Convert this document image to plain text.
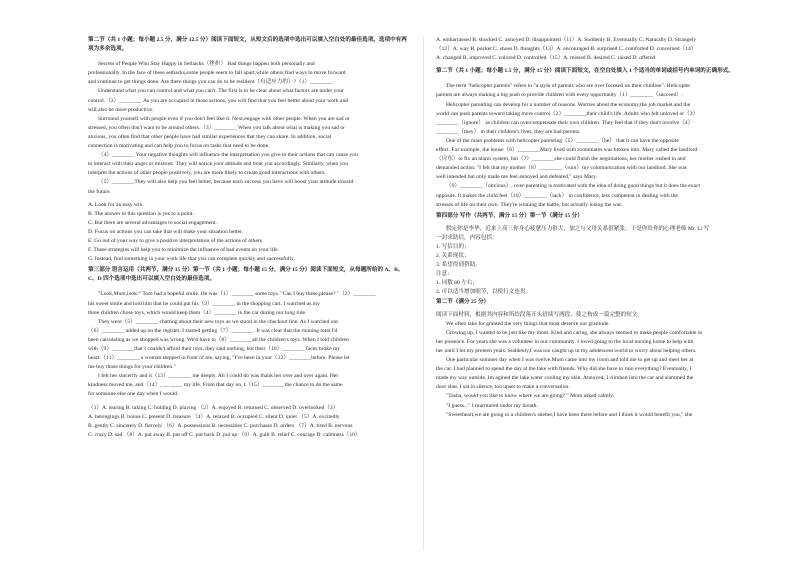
第二节（共 1 小题；每小题 2.5 分，满分 12.5 分）阅读下面短文，从短文后的选项中选出可以填入空白处的最佳选项。选项中有两项为多余选项。

Secrets of People Who Stay Happy in Setbacks（挫折） Bad things happen both personally and

professionally. In the face of these setbacks,some people seem to fall apart,while others find ways to move forward

and continue to get things done. Are there things you can do to be resilient（有适应力的）?（1）________

Understand what you can control and what you can't. The first is to be clear about what factors are under your

control.（2）________ As you are occupied in those actions, you will find that you feel better about your work and

will also be more productive.

Surround yourself with people even if you don't feel like it. Next,engage with other people. When you are sad or

stressed, you often don't want to be around others.（3）________ When you talk about what is making you sad or

anxious, you often find that other people have had similar experiences that they can share. In addition, social

connection is motivating and can help you to focus on tasks that need to be done.

（4）________ Your negative thoughts will influence the interpretation you give to their actions that can cause you

to interact with their anger or mistrust. They will notice your attitude and treat you accordingly. Similarly, when you

interpret the actions of other people positively, you are more likely to create good interactions with others.

（5）________They will also help you feel better, because each success you have will boost your attitude toward

the future.

A. Look for an easy win.

B. The answer to this question is yes to a point.

C. But there are several advantages to social engagement.

D. Focus on actions you can take that will make your situation better.

E. Go out of your way to give a positive interpretation of the actions of others.

F. These strategies will help you to minimize the influence of bad events on your life.

G. Instead, find something in your work life that you can complete quickly and successfully.

第三部分 语言运用（共两节，满分 15 分）第一节（共 1 小题；每小题 15 分，满分 15 分）阅读下面短文，从每题所给的 A、B、C、D 四个选项中选出可以填入空白处的最佳选项。

"Look,Mum,look!" Tom had a hopeful smile. He was（1）________ some toys. "Can I buy these,please? "（2）________

his sweet smile and told him that he could put his（3）________ in the shopping cart. I watched as my

three children chose toys, which would keep them（4）________ in the car during our long ride.

They were（5）________ chatting about their new toys as we stood in the checkout line. As I watched our

（6）________ added up on the register, I started getting（7）________. It was clear that the running total I'd

been calculating as we shopped was wrong. We'd have to（8）________all the children's toys. When I told children

with（9）________that I couldn't afford their toys, they said nothing, but their（10）________ faces broke my

heart.（11）________ a woman stepped in front of me, saying, "I've been in your（12）________before. Please let

me buy those things for your children."

I felt her sincerity and it（13）________ me deeply. All I could do was thank her over and over again. Her

kindness moved me, and（14）________ my life. From that day on, I（15）________the chance to do the same

for someone else one day when I would.

（1）A. tearing B. taking C. holding D. playing （2）A. enjoyed B. returned C. observed D. overlooked（3）

A. belongings B. bonus C. present D. treasure （4）A. relaxed B. occupied C. silent D. quiet （5）A. excitedly

B. gently C. sincerely D. fiercely （6）A. possessions B. necessities C. purchases D. orders （7）A. tired B. nervous

C. crazy D. sad （8）A. put away B. put off C. put back D. put up （9）A. guilt B. relief C. courage D. calmness（10）

A. embarrassed B. shocked C. annoyed D. disappointed（11）A. Suddenly B. Eventually C. Naturally D. Strangely

（12）A. way B. pocket C. shoes D. thoughts（13）A. encouraged B. surprised C. comforted D. concerned（14）

A. changed B. improved C. colored D. controlled（15）A. missed B. desired C. raised D. offered

第二节（共 1 小题；每小题 1.5 分，满分 15 分）阅读下面短文，在空白处填入 1 个适当的单词或括号内单词的正确形式。

The term "helicopter parents" refers to "a style of parents who are over focused on their children". Helicopter

parents are always making a big push to provide children with every opportunity（1）________（succeed）.

Helicopter parenting can develop for a number of reasons. Worries about the economy,the job market,and the

world can push parents toward taking more control（2）________their child's life. Adults who felt unloved or（3）

________（ignore） as children can overcompensate their own children. They feel that if they don't involve（4）

________（they） in their children's lives, they are bad parents.

One of the main problems with helicopter parenting（5）________（be） that it can have the opposite

effect. For example, the house（6）________Mary lived with roommates was broken into. Mary called the landlord

（房东）to fix an alarm system, but（7）________she could finish the negotiations, her mother rushed in and

demanded action. "I felt that my mother（8）________（ruin）my communication with our landlord. She was

well intended but only made me feel annoyed and defeated," says Mary.

（9）________（obvious）, over-parenting is motivated with the idea of doing good things but it does the exact

opposite. It makes the child feel（10）________（lack） in confidence, less competent in dealing with the

stresses of life on their own. They're winning the battle, but actually losing the war.

第四部分 写作（共两节，满分 15 分）第一节（满分 15 分）

假定你是李华，近来上高三你身心疲惫压力很大，加之与父母关系很紧张，于是你给你的心理老师 Mr. Li 写

一封求助信，内容包括：

1. 写信目的；

2. 关系现状；

3. 希望得到帮助。

注意：

1. 词数 80 左右；

2. 可以适当增加细节，以使行文连贯。

第二节（满分 25 分）

阅读下面材料，根据其内容和所给段落开头语续写两段，使之构成一篇完整的短文。

We often take for granted the very things that most deserve our gratitude.

Growing up, I wanted to be just like my mom. Kind and caring, she always seemed to make people comfortable in

her presence. For years she was a volunteer in our community. I loved going to the local nursing home to help with

her until I hit my preteen years. Suddenly,I was too caught up in my adolescent world to worry about helping others.

One particular summer day when I was twelve,Mom came into my room and told me to get up and meet her at

the car. I had planned to spend the day at the lake with friends. Why did she have to ruin everything? Eventually, I

made my way outside. Im agined the lake water cooling my skin. Annoyed, I climbed into the car and slammed the

door shut. I sat in silence, too upset to make a conversation.

"Tasha, would you like to know where we are going? " Mom asked calmly.

"I guess..." I murmured under my breath.

"Sweetheart,we are going to a children's shelter,I have been there before and I think it would benefit you," she
